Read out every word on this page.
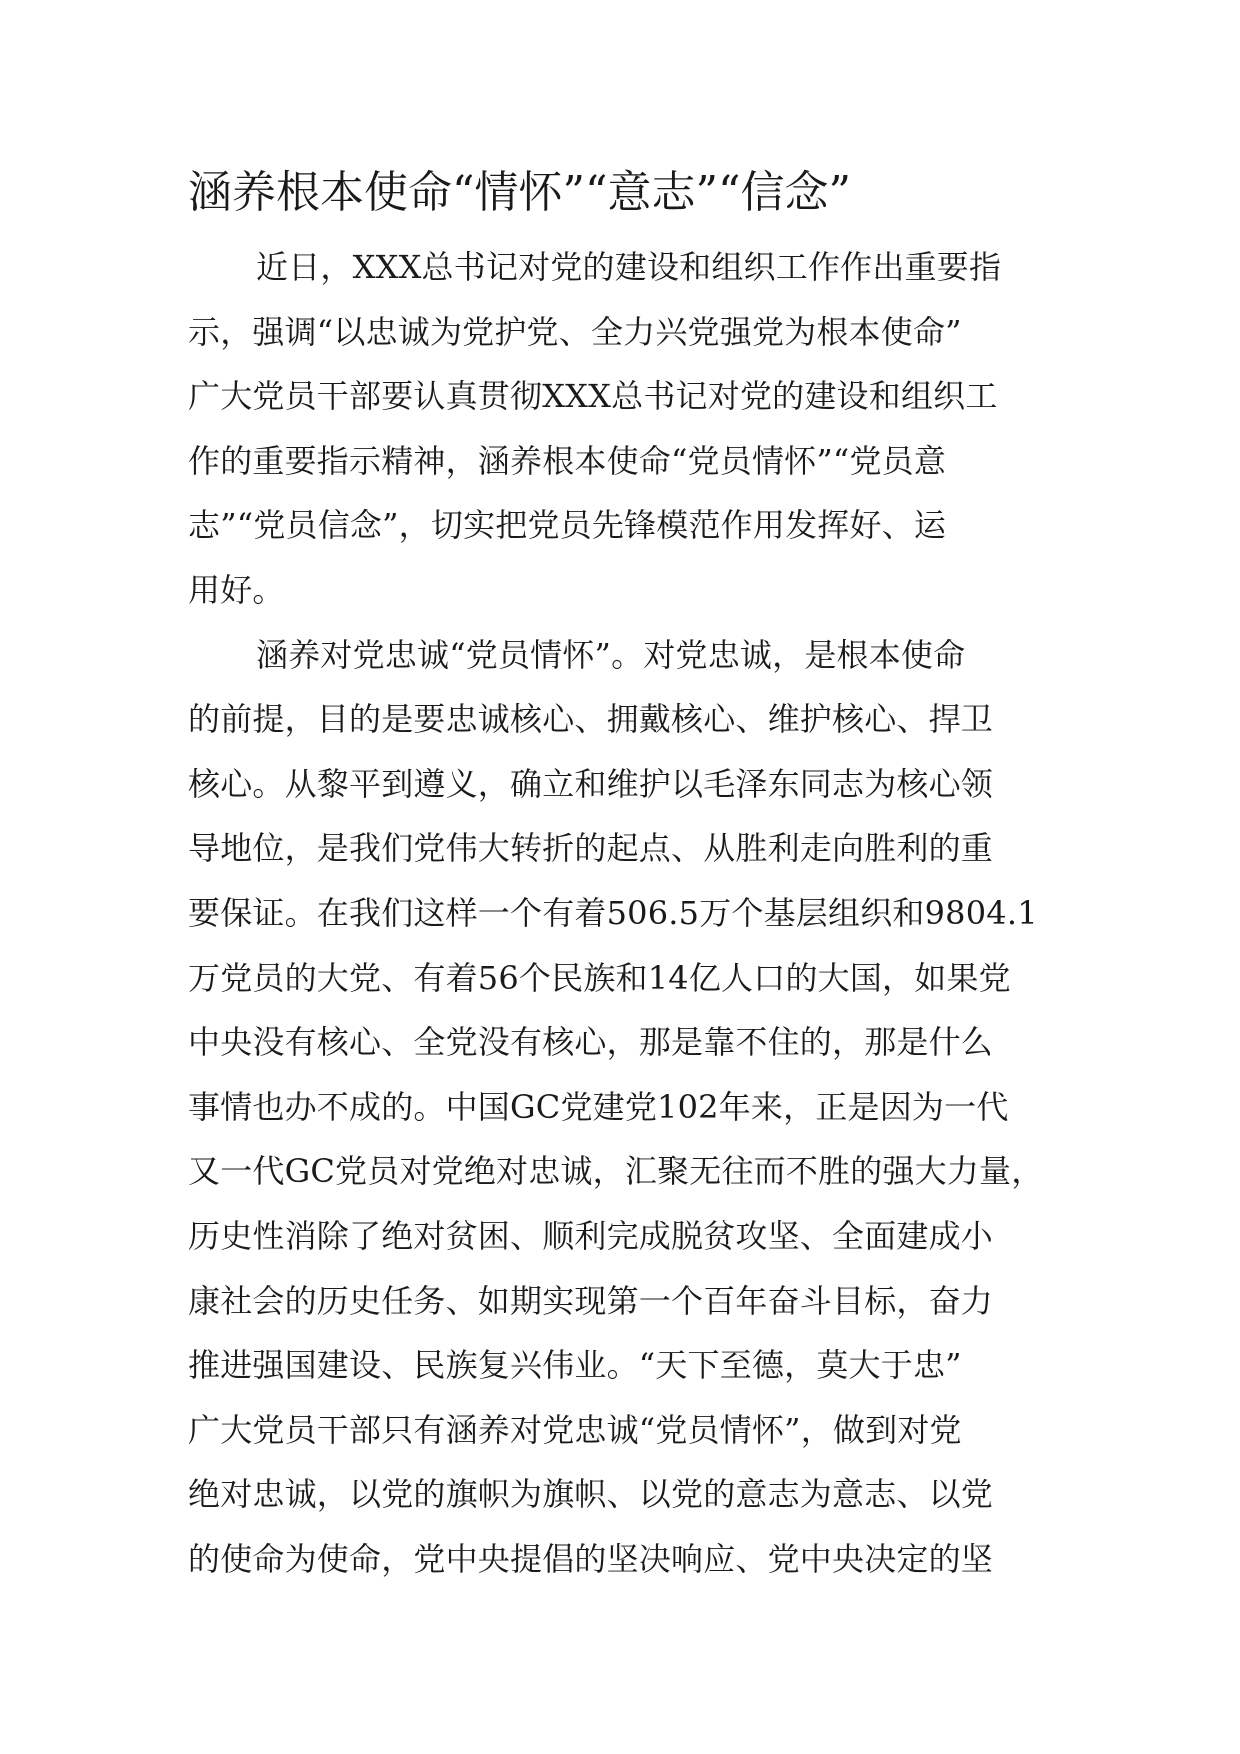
涵养根本使命“情怀”“意志”“信念”
近日，XXX总书记对党的建设和组织工作作出重要指
示，强调“以忠诚为党护党、全力兴党强党为根本使命”
广大党员干部要认真贯彻XXX总书记对党的建设和组织工
作的重要指示精神，涵养根本使命“党员情怀”“党员意
志”“党员信念”，切实把党员先锋模范作用发挥好、运
用好。
涵养对党忠诚“党员情怀”。对党忠诚，是根本使命
的前提，目的是要忠诚核心、拥戴核心、维护核心、捍卫
核心。从黎平到遵义，确立和维护以毛泽东同志为核心领
导地位，是我们党伟大转折的起点、从胜利走向胜利的重
要保证。在我们这样一个有着506.5万个基层组织和9804.1
万党员的大党、有着56个民族和14亿人口的大国，如果党
中央没有核心、全党没有核心，那是靠不住的，那是什么
事情也办不成的。中国GC党建党102年来，正是因为一代
又一代GC党员对党绝对忠诚，汇聚无往而不胜的强大力量，
历史性消除了绝对贫困、顺利完成脱贫攻坚、全面建成小
康社会的历史任务、如期实现第一个百年奋斗目标，奋力
推进强国建设、民族复兴伟业。“天下至德，莫大于忠”
广大党员干部只有涵养对党忠诚“党员情怀”，做到对党
绝对忠诚，以党的旗帜为旗帜、以党的意志为意志、以党
的使命为使命，党中央提倡的坚决响应、党中央决定的坚
